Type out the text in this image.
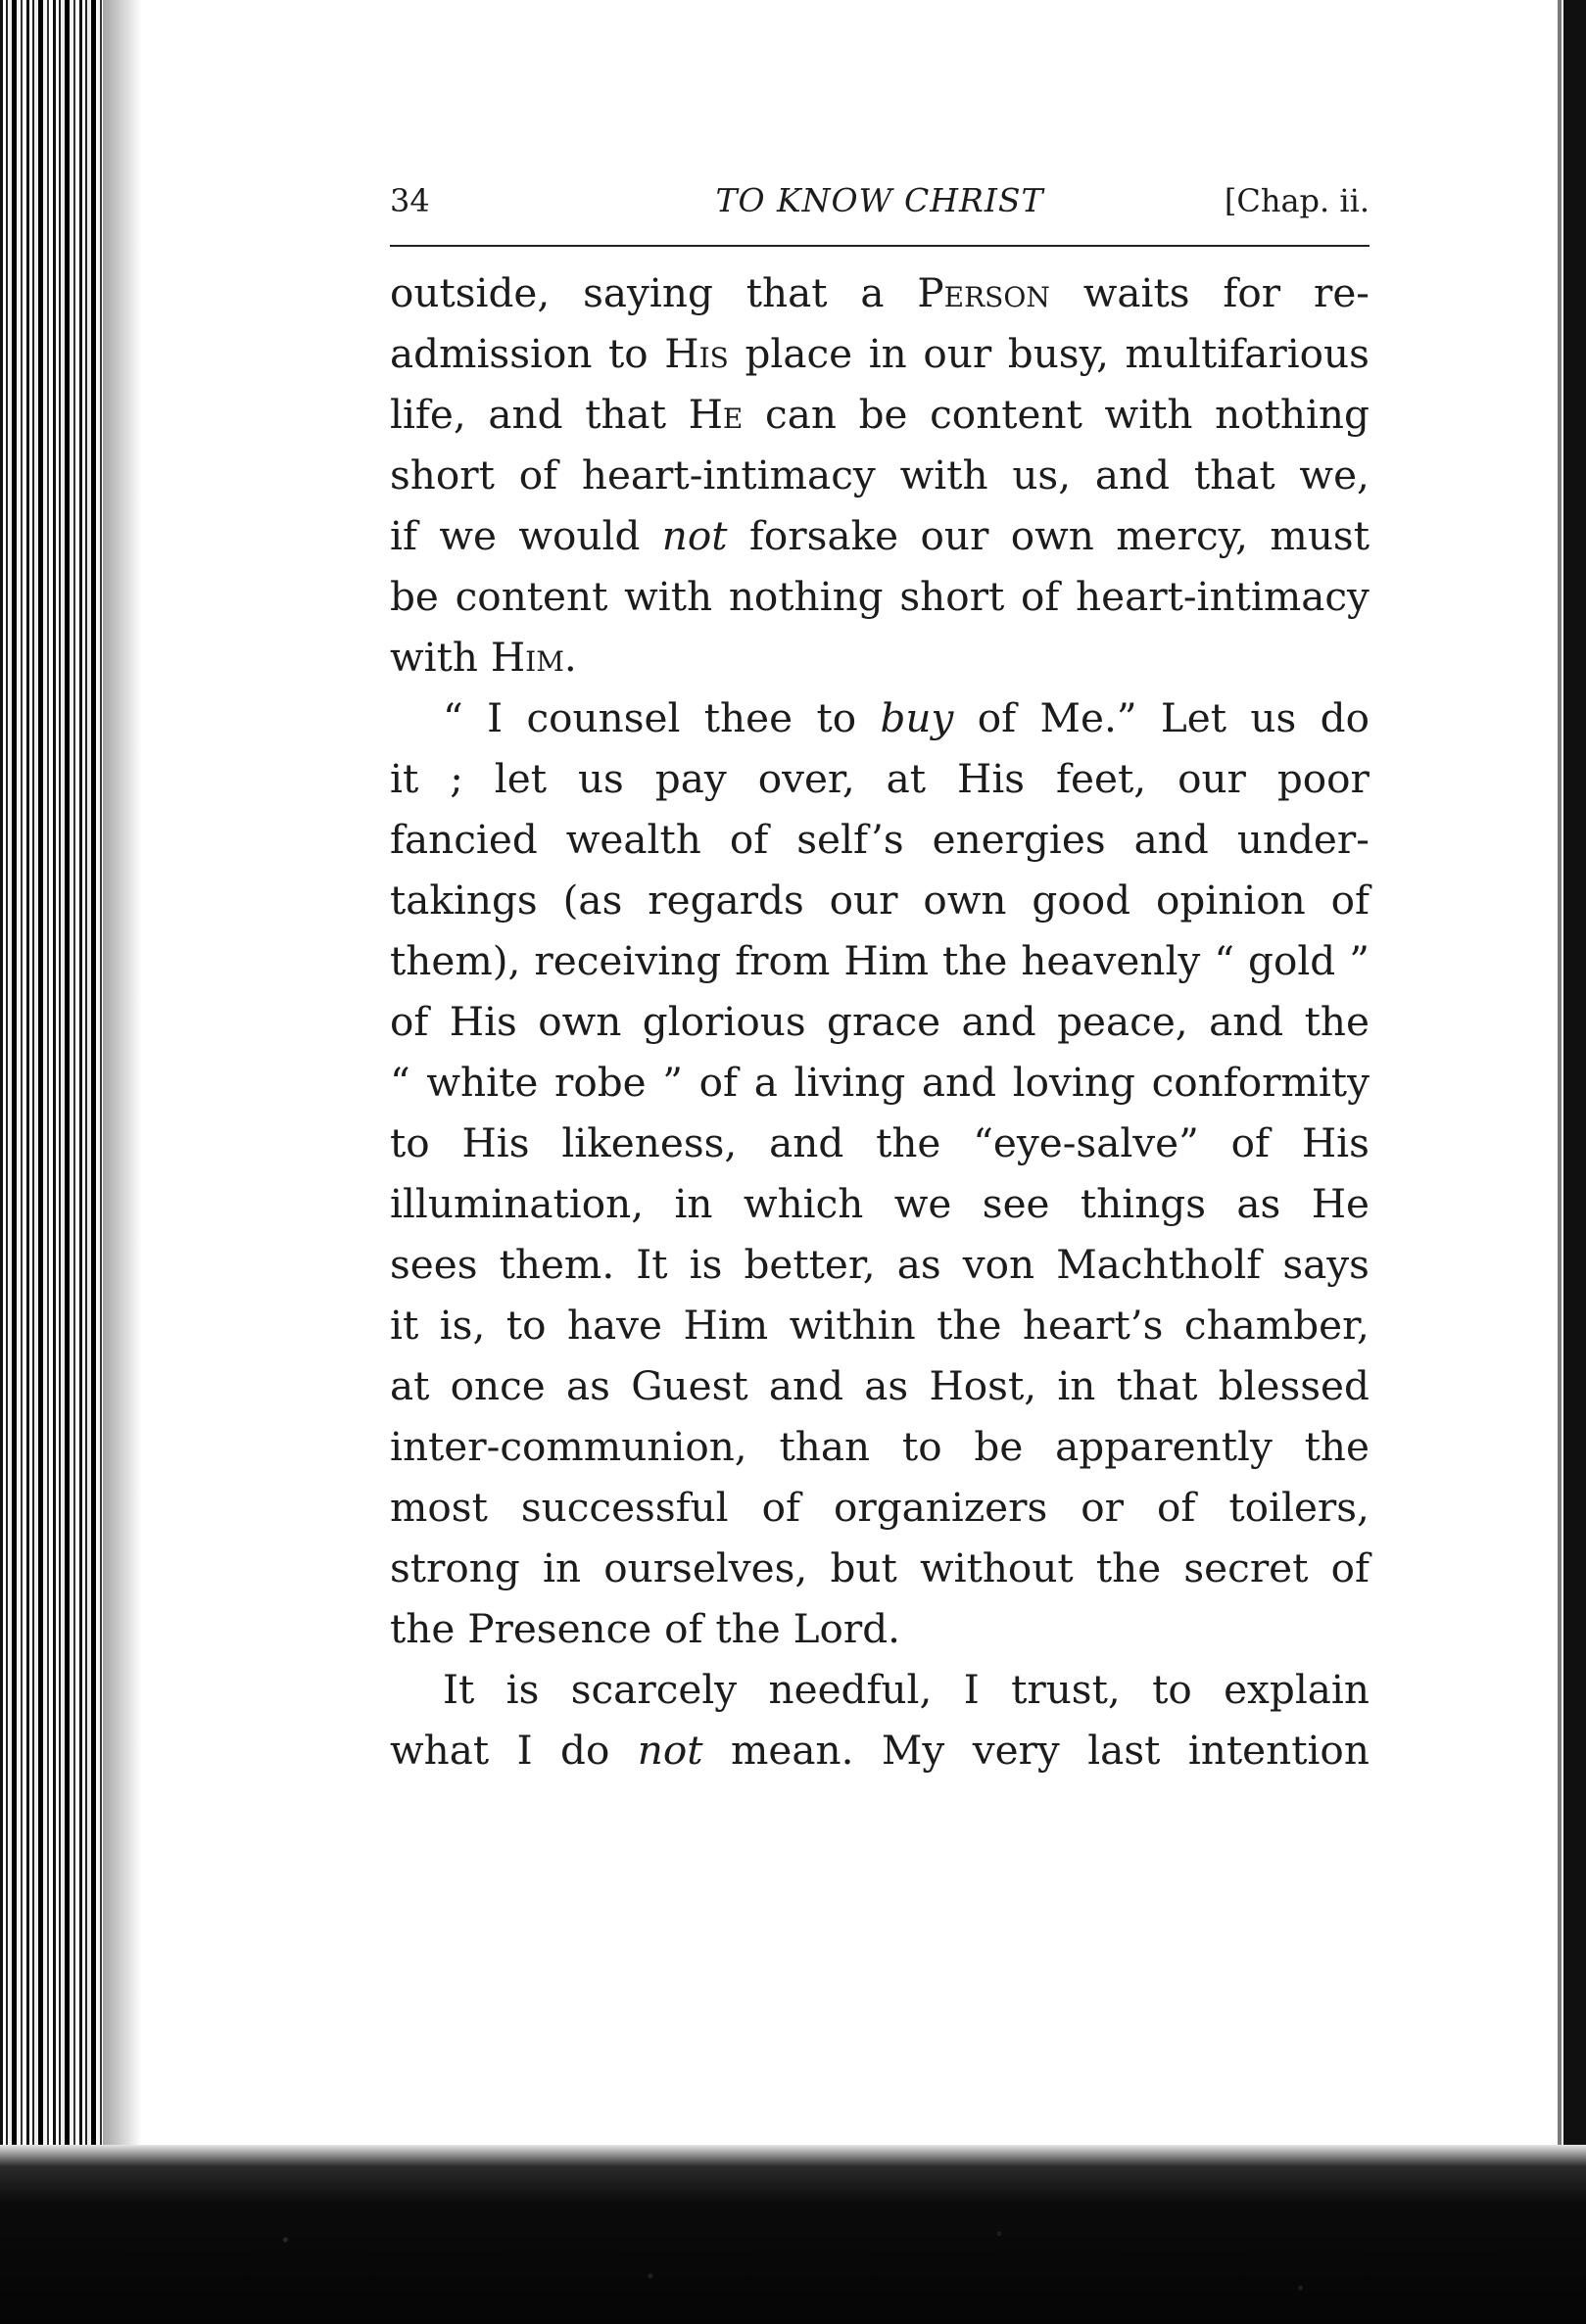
34	TO KNOW CHRIST	[Chap. ii.
outside, saying that a Person waits for re-
admission to His place in our busy, multifarious
life, and that He can be content with nothing
short of heart-intimacy with us, and that we,
if we would not forsake our own mercy, must
be content with nothing short of heart-intimacy
with Him.
“ I counsel thee to buy of Me.” Let us do
it ; let us pay over, at His feet, our poor
fancied wealth of self’s energies and under-
takings (as regards our own good opinion of
them), receiving from Him the heavenly “ gold ”
of His own glorious grace and peace, and the
“ white robe ” of a living and loving conformity
to His likeness, and the “eye-salve” of His
illumination, in which we see things as He
sees them. It is better, as von Machtholf says
it is, to have Him within the heart’s chamber,
at once as Guest and as Host, in that blessed
inter-communion, than to be apparently the
most successful of organizers or of toilers,
strong in ourselves, but without the secret of
the Presence of the Lord.
It is scarcely needful, I trust, to explain
what I do not mean. My very last intention
